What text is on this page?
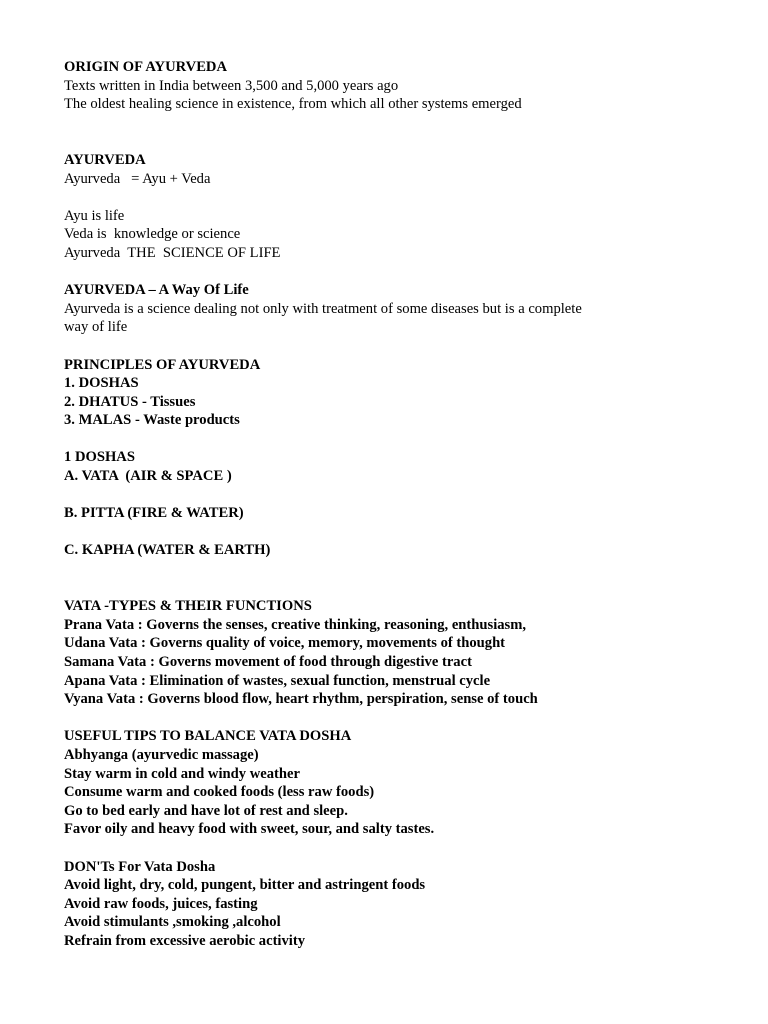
ORIGIN OF AYURVEDA
Texts written in India between 3,500 and 5,000 years ago
The oldest healing science in existence, from which all other systems emerged
AYURVEDA
Ayurveda   = Ayu + Veda
Ayu is life
Veda is  knowledge or science
Ayurveda  THE  SCIENCE OF LIFE
AYURVEDA – A Way Of Life
Ayurveda is a science dealing not only with treatment of some diseases but is a complete
way of life
PRINCIPLES OF AYURVEDA
1. DOSHAS
2. DHATUS - Tissues
3. MALAS - Waste products
1 DOSHAS
A. VATA  (AIR & SPACE )
B. PITTA (FIRE & WATER)
C. KAPHA (WATER & EARTH)
VATA -TYPES & THEIR FUNCTIONS
Prana Vata : Governs the senses, creative thinking, reasoning, enthusiasm,
Udana Vata : Governs quality of voice, memory, movements of thought
Samana Vata : Governs movement of food through digestive tract
Apana Vata : Elimination of wastes, sexual function, menstrual cycle
Vyana Vata : Governs blood flow, heart rhythm, perspiration, sense of touch
USEFUL TIPS TO BALANCE VATA DOSHA
Abhyanga (ayurvedic massage)
Stay warm in cold and windy weather
Consume warm and cooked foods (less raw foods)
Go to bed early and have lot of rest and sleep.
Favor oily and heavy food with sweet, sour, and salty tastes.
DON'Ts For Vata Dosha
Avoid light, dry, cold, pungent, bitter and astringent foods
Avoid raw foods, juices, fasting
Avoid stimulants ,smoking ,alcohol
Refrain from excessive aerobic activity
